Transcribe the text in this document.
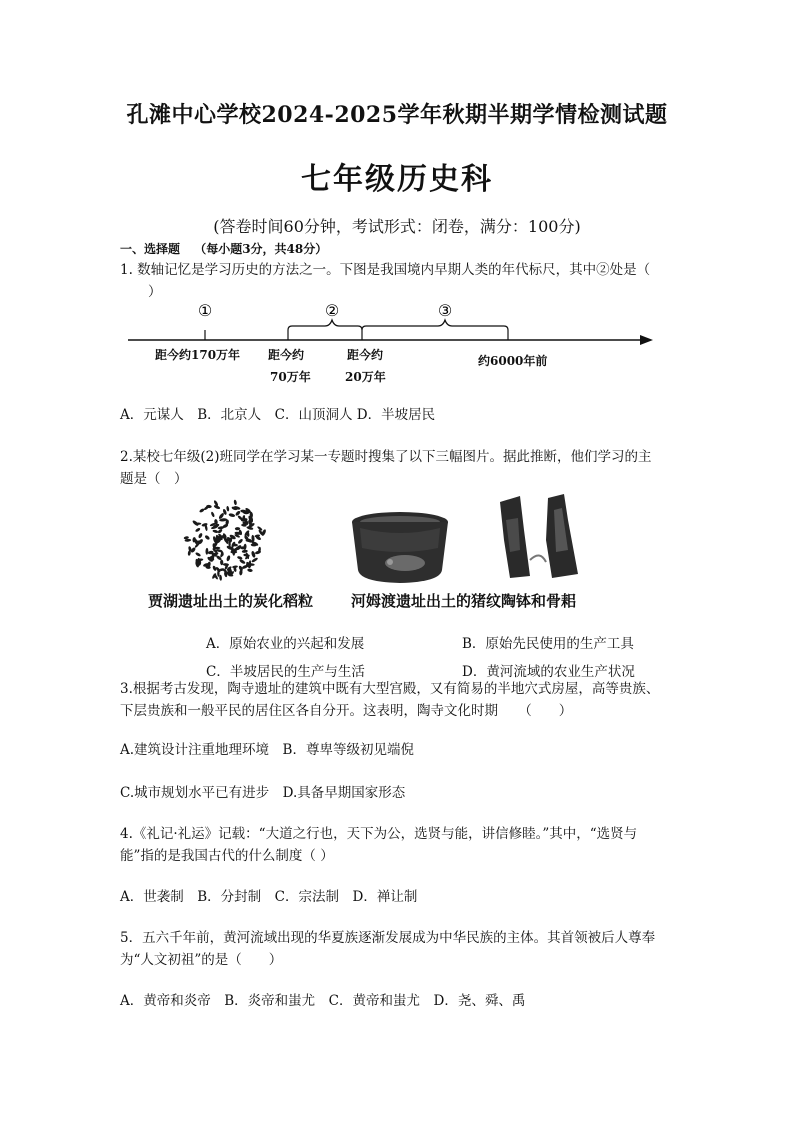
孔滩中心学校2024-2025学年秋期半期学情检测试题
七年级历史科
(答卷时间60分钟，考试形式：闭卷，满分：100分)
一、选择题 （每小题3分，共48分）
1. 数轴记忆是学习历史的方法之一。下图是我国境内早期人类的年代标尺，其中②处是（
）
①	②	③
距今约170万年 距今约
70万年
距今约
20万年
约6000年前
A．元谋人　B．北京人　C．山顶洞人 D．半坡居民
2.某校七年级(2)班同学在学习某一专题时搜集了以下三幅图片。据此推断，他们学习的主
题是（　）
贾湖遗址出土的炭化稻粒	河姆渡遗址出土的猪纹陶钵和骨耜
A．原始农业的兴起和发展	B．原始先民使用的生产工具
C．半坡居民的生产与生活	D．黄河流域的农业生产状况
3.根据考古发现，陶寺遗址的建筑中既有大型宫殿，又有简易的半地穴式房屋，高等贵族、
下层贵族和一般平民的居住区各自分开。这表明，陶寺文化时期　　（　　）
A.建筑设计注重地理环境　B．尊卑等级初见端倪
C.城市规划水平已有进步　D.具备早期国家形态
4.《礼记·礼运》记载：“大道之行也，天下为公，选贤与能，讲信修睦。”其中，“选贤与
能”指的是我国古代的什么制度（ ）
A．世袭制　B．分封制　C．宗法制　D．禅让制
5．五六千年前，黄河流域出现的华夏族逐渐发展成为中华民族的主体。其首领被后人尊奉
为“人文初祖”的是（　　）
A．黄帝和炎帝　B．炎帝和蚩尤　C．黄帝和蚩尤　D．尧、舜、禹
